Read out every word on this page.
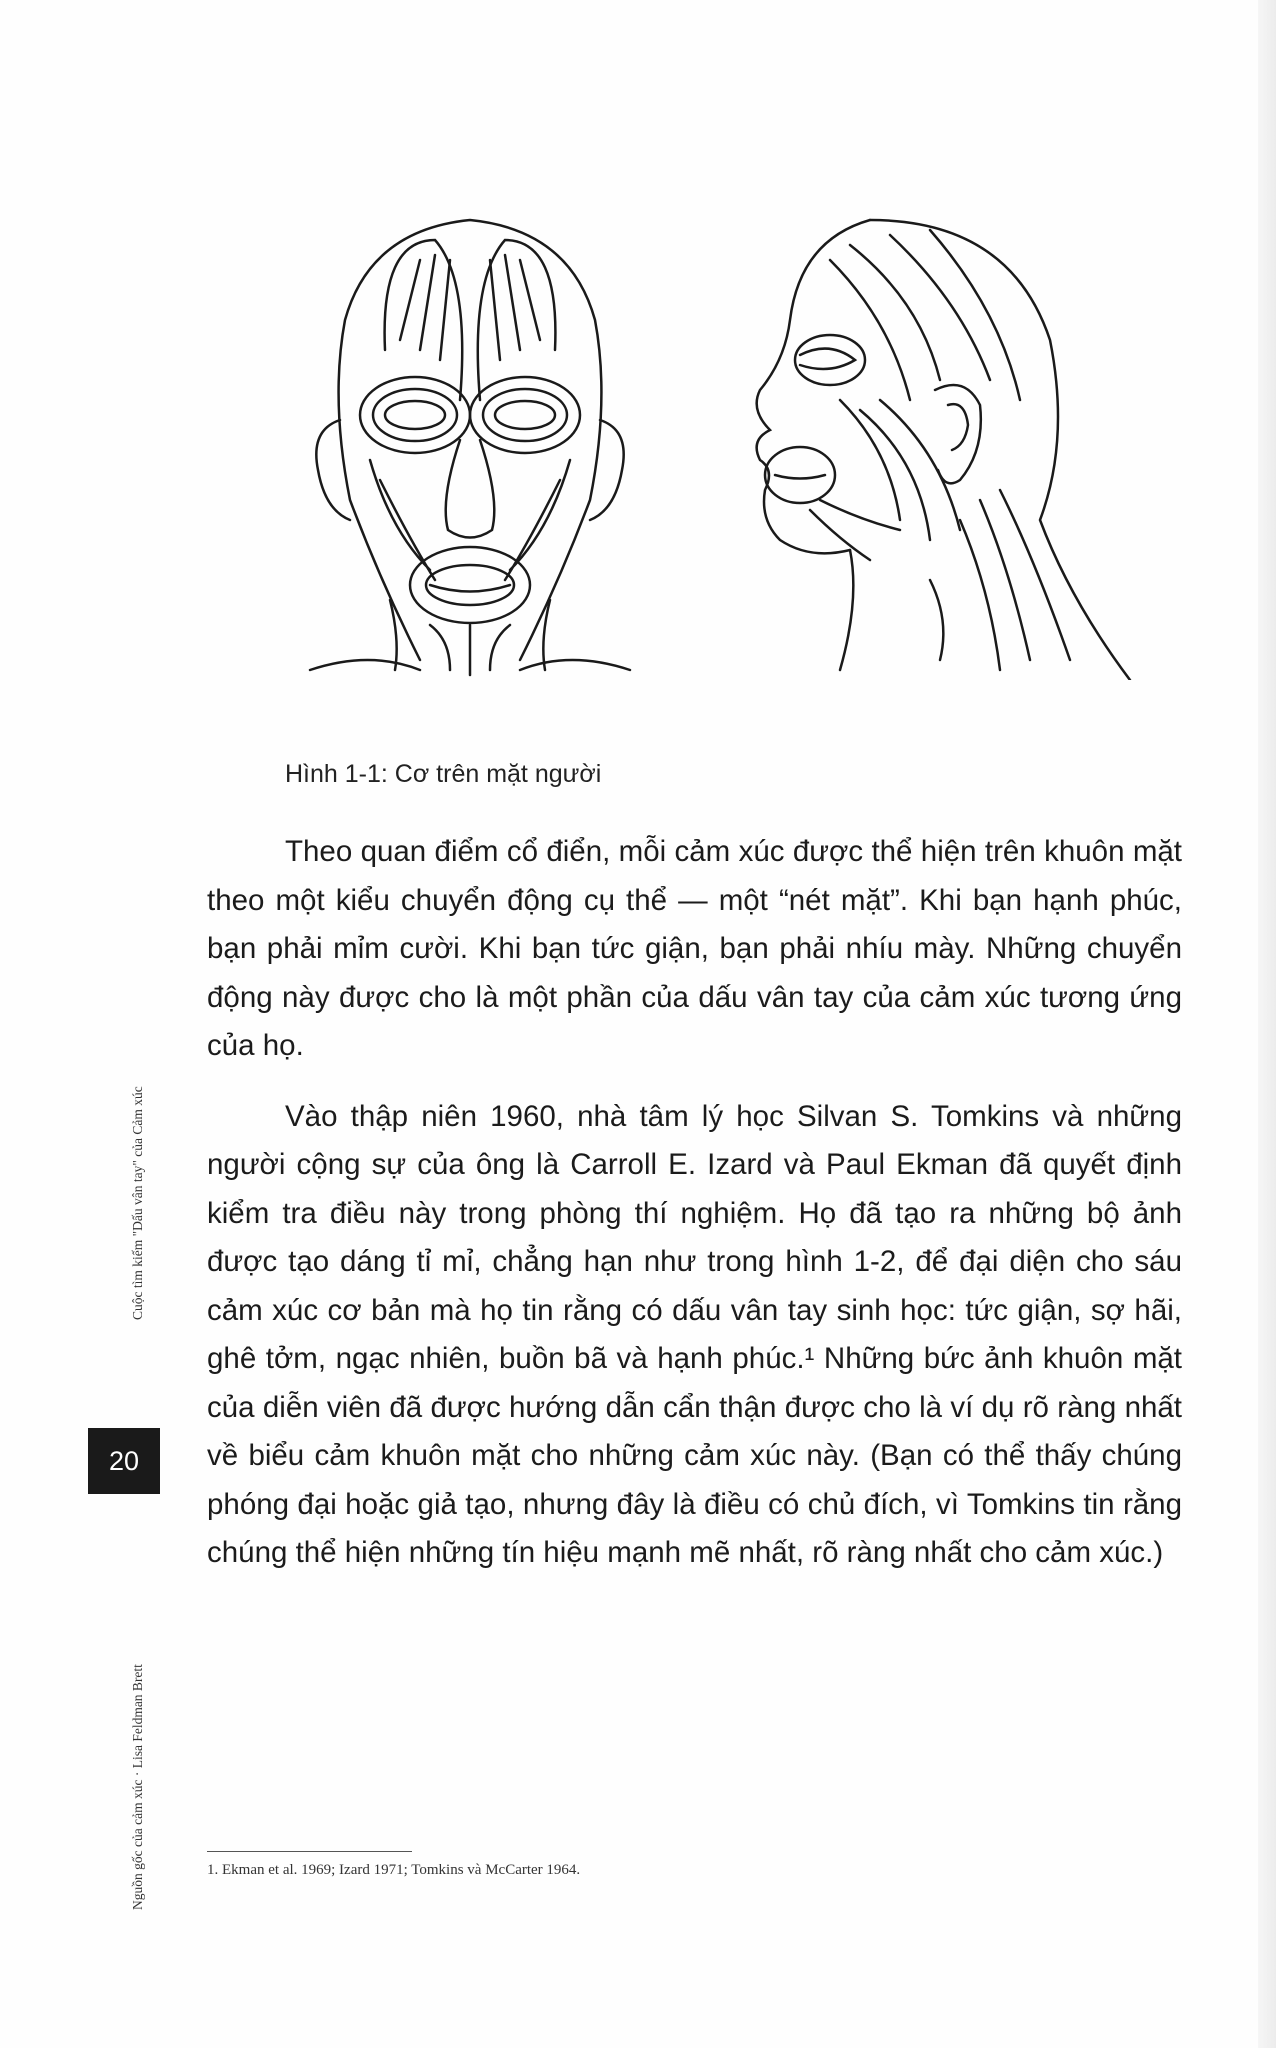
Hình 1-1: Cơ trên mặt người

Theo quan điểm cổ điển, mỗi cảm xúc được thể hiện trên khuôn mặt theo một kiểu chuyển động cụ thể — một “nét mặt”. Khi bạn hạnh phúc, bạn phải mỉm cười. Khi bạn tức giận, bạn phải nhíu mày. Những chuyển động này được cho là một phần của dấu vân tay của cảm xúc tương ứng của họ.

Vào thập niên 1960, nhà tâm lý học Silvan S. Tomkins và những người cộng sự của ông là Carroll E. Izard và Paul Ekman đã quyết định kiểm tra điều này trong phòng thí nghiệm. Họ đã tạo ra những bộ ảnh được tạo dáng tỉ mỉ, chẳng hạn như trong hình 1-2, để đại diện cho sáu cảm xúc cơ bản mà họ tin rằng có dấu vân tay sinh học: tức giận, sợ hãi, ghê tởm, ngạc nhiên, buồn bã và hạnh phúc.¹ Những bức ảnh khuôn mặt của diễn viên đã được hướng dẫn cẩn thận được cho là ví dụ rõ ràng nhất về biểu cảm khuôn mặt cho những cảm xúc này. (Bạn có thể thấy chúng phóng đại hoặc giả tạo, nhưng đây là điều có chủ đích, vì Tomkins tin rằng chúng thể hiện những tín hiệu mạnh mẽ nhất, rõ ràng nhất cho cảm xúc.)

1. Ekman et al. 1969; Izard 1971; Tomkins và McCarter 1964.
Cuộc tìm kiếm "Dấu vân tay" của Cảm xúc
20
Nguồn gốc của cảm xúc · Lisa Feldman Brett
